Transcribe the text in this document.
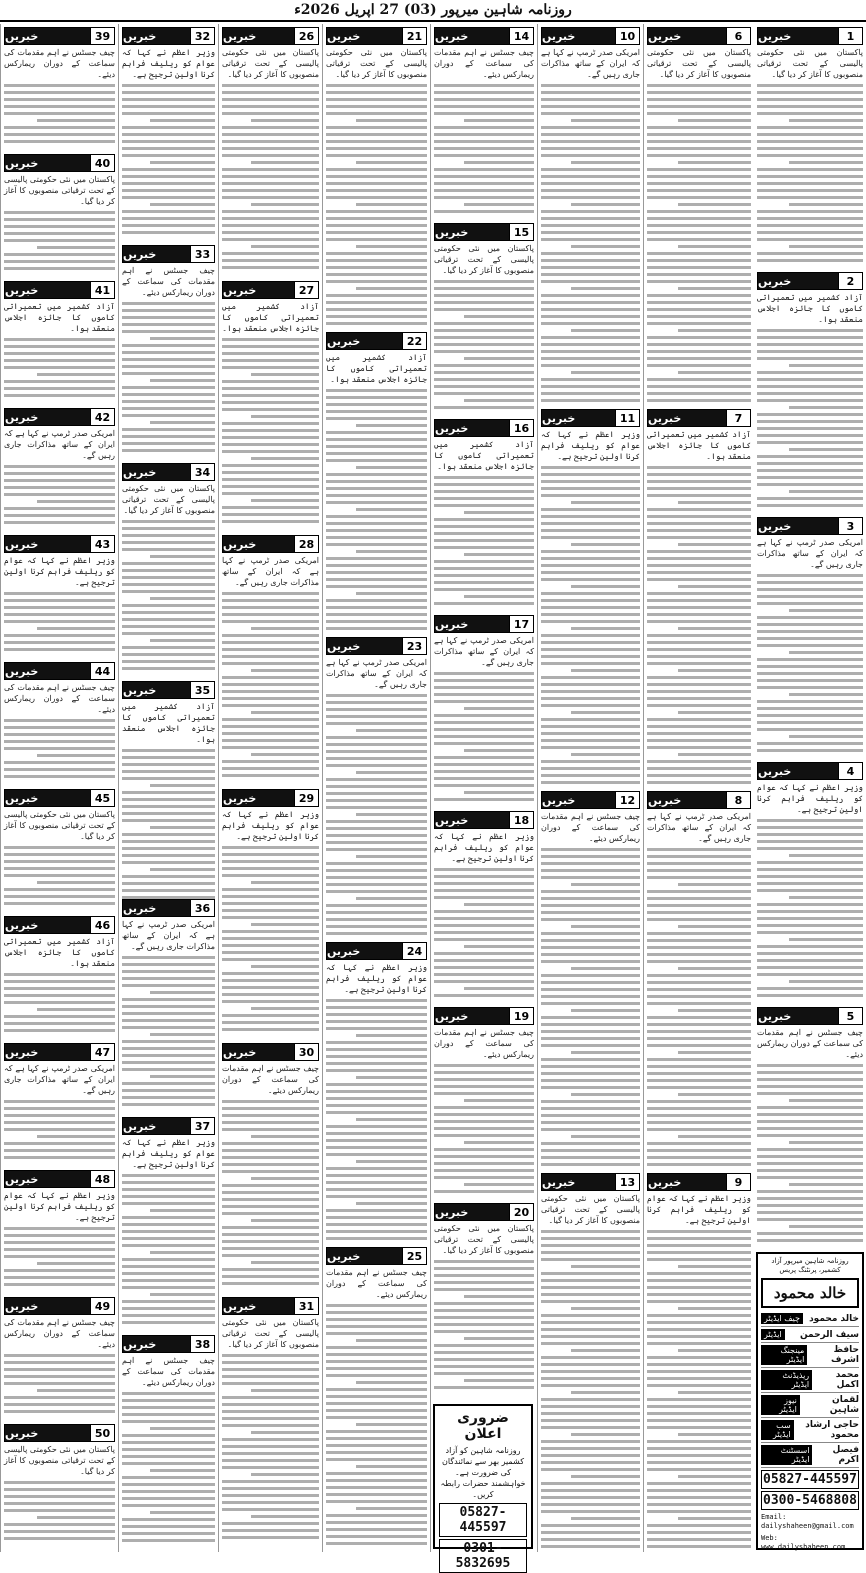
روزنامہ شاہین میرپور (03) 27 اپریل 2026ء
1
خبریں
پاکستان میں نئی حکومتی پالیسی کے تحت ترقیاتی منصوبوں کا آغاز کر دیا گیا۔
2
خبریں
آزاد کشمیر میں تعمیراتی کاموں کا جائزہ اجلاس منعقد ہوا۔
3
خبریں
امریکی صدر ٹرمپ نے کہا ہے کہ ایران کے ساتھ مذاکرات جاری رہیں گے۔
4
خبریں
وزیر اعظم نے کہا کہ عوام کو ریلیف فراہم کرنا اولین ترجیح ہے۔
5
خبریں
چیف جسٹس نے اہم مقدمات کی سماعت کے دوران ریمارکس دیئے۔
6
خبریں
پاکستان میں نئی حکومتی پالیسی کے تحت ترقیاتی منصوبوں کا آغاز کر دیا گیا۔
7
خبریں
آزاد کشمیر میں تعمیراتی کاموں کا جائزہ اجلاس منعقد ہوا۔
8
خبریں
امریکی صدر ٹرمپ نے کہا ہے کہ ایران کے ساتھ مذاکرات جاری رہیں گے۔
9
خبریں
وزیر اعظم نے کہا کہ عوام کو ریلیف فراہم کرنا اولین ترجیح ہے۔
10
خبریں
امریکی صدر ٹرمپ نے کہا ہے کہ ایران کے ساتھ مذاکرات جاری رہیں گے۔
11
خبریں
وزیر اعظم نے کہا کہ عوام کو ریلیف فراہم کرنا اولین ترجیح ہے۔
12
خبریں
چیف جسٹس نے اہم مقدمات کی سماعت کے دوران ریمارکس دیئے۔
13
خبریں
پاکستان میں نئی حکومتی پالیسی کے تحت ترقیاتی منصوبوں کا آغاز کر دیا گیا۔
14
خبریں
چیف جسٹس نے اہم مقدمات کی سماعت کے دوران ریمارکس دیئے۔
15
خبریں
پاکستان میں نئی حکومتی پالیسی کے تحت ترقیاتی منصوبوں کا آغاز کر دیا گیا۔
16
خبریں
آزاد کشمیر میں تعمیراتی کاموں کا جائزہ اجلاس منعقد ہوا۔
17
خبریں
امریکی صدر ٹرمپ نے کہا ہے کہ ایران کے ساتھ مذاکرات جاری رہیں گے۔
18
خبریں
وزیر اعظم نے کہا کہ عوام کو ریلیف فراہم کرنا اولین ترجیح ہے۔
19
خبریں
چیف جسٹس نے اہم مقدمات کی سماعت کے دوران ریمارکس دیئے۔
20
خبریں
پاکستان میں نئی حکومتی پالیسی کے تحت ترقیاتی منصوبوں کا آغاز کر دیا گیا۔
21
خبریں
پاکستان میں نئی حکومتی پالیسی کے تحت ترقیاتی منصوبوں کا آغاز کر دیا گیا۔
22
خبریں
آزاد کشمیر میں تعمیراتی کاموں کا جائزہ اجلاس منعقد ہوا۔
23
خبریں
امریکی صدر ٹرمپ نے کہا ہے کہ ایران کے ساتھ مذاکرات جاری رہیں گے۔
24
خبریں
وزیر اعظم نے کہا کہ عوام کو ریلیف فراہم کرنا اولین ترجیح ہے۔
25
خبریں
چیف جسٹس نے اہم مقدمات کی سماعت کے دوران ریمارکس دیئے۔
26
خبریں
پاکستان میں نئی حکومتی پالیسی کے تحت ترقیاتی منصوبوں کا آغاز کر دیا گیا۔
27
خبریں
آزاد کشمیر میں تعمیراتی کاموں کا جائزہ اجلاس منعقد ہوا۔
28
خبریں
امریکی صدر ٹرمپ نے کہا ہے کہ ایران کے ساتھ مذاکرات جاری رہیں گے۔
29
خبریں
وزیر اعظم نے کہا کہ عوام کو ریلیف فراہم کرنا اولین ترجیح ہے۔
30
خبریں
چیف جسٹس نے اہم مقدمات کی سماعت کے دوران ریمارکس دیئے۔
31
خبریں
پاکستان میں نئی حکومتی پالیسی کے تحت ترقیاتی منصوبوں کا آغاز کر دیا گیا۔
32
خبریں
وزیر اعظم نے کہا کہ عوام کو ریلیف فراہم کرنا اولین ترجیح ہے۔
33
خبریں
چیف جسٹس نے اہم مقدمات کی سماعت کے دوران ریمارکس دیئے۔
34
خبریں
پاکستان میں نئی حکومتی پالیسی کے تحت ترقیاتی منصوبوں کا آغاز کر دیا گیا۔
35
خبریں
آزاد کشمیر میں تعمیراتی کاموں کا جائزہ اجلاس منعقد ہوا۔
36
خبریں
امریکی صدر ٹرمپ نے کہا ہے کہ ایران کے ساتھ مذاکرات جاری رہیں گے۔
37
خبریں
وزیر اعظم نے کہا کہ عوام کو ریلیف فراہم کرنا اولین ترجیح ہے۔
38
خبریں
چیف جسٹس نے اہم مقدمات کی سماعت کے دوران ریمارکس دیئے۔
39
خبریں
چیف جسٹس نے اہم مقدمات کی سماعت کے دوران ریمارکس دیئے۔
40
خبریں
پاکستان میں نئی حکومتی پالیسی کے تحت ترقیاتی منصوبوں کا آغاز کر دیا گیا۔
41
خبریں
آزاد کشمیر میں تعمیراتی کاموں کا جائزہ اجلاس منعقد ہوا۔
42
خبریں
امریکی صدر ٹرمپ نے کہا ہے کہ ایران کے ساتھ مذاکرات جاری رہیں گے۔
43
خبریں
وزیر اعظم نے کہا کہ عوام کو ریلیف فراہم کرنا اولین ترجیح ہے۔
44
خبریں
چیف جسٹس نے اہم مقدمات کی سماعت کے دوران ریمارکس دیئے۔
45
خبریں
پاکستان میں نئی حکومتی پالیسی کے تحت ترقیاتی منصوبوں کا آغاز کر دیا گیا۔
46
خبریں
آزاد کشمیر میں تعمیراتی کاموں کا جائزہ اجلاس منعقد ہوا۔
47
خبریں
امریکی صدر ٹرمپ نے کہا ہے کہ ایران کے ساتھ مذاکرات جاری رہیں گے۔
48
خبریں
وزیر اعظم نے کہا کہ عوام کو ریلیف فراہم کرنا اولین ترجیح ہے۔
49
خبریں
چیف جسٹس نے اہم مقدمات کی سماعت کے دوران ریمارکس دیئے۔
50
خبریں
پاکستان میں نئی حکومتی پالیسی کے تحت ترقیاتی منصوبوں کا آغاز کر دیا گیا۔
ضروری اعلان
روزنامہ شاہین کو آزاد کشمیر بھر سے نمائندگان کی ضرورت ہے۔ خواہشمند حضرات رابطہ کریں۔
05827-445597
0301-5832695
روزنامہ شاہین میرپور آزاد کشمیر، پرنٹنگ پریس
خالد محمود
چیف ایڈیٹر	خالد محمود
ایڈیٹر	سیف الرحمن
مینجنگ ایڈیٹر
حافظ اشرف
ریذیڈنٹ ایڈیٹر
محمد اکمل
نیوز ایڈیٹر
لقمان شاہین
سب ایڈیٹر
حاجی ارشاد محمود
اسسٹنٹ ایڈیٹر
فیصل اکرم
05827-445597
0300-5468808
Email: dailyshaheen@gmail.com
Web: www.dailyshaheen.com
